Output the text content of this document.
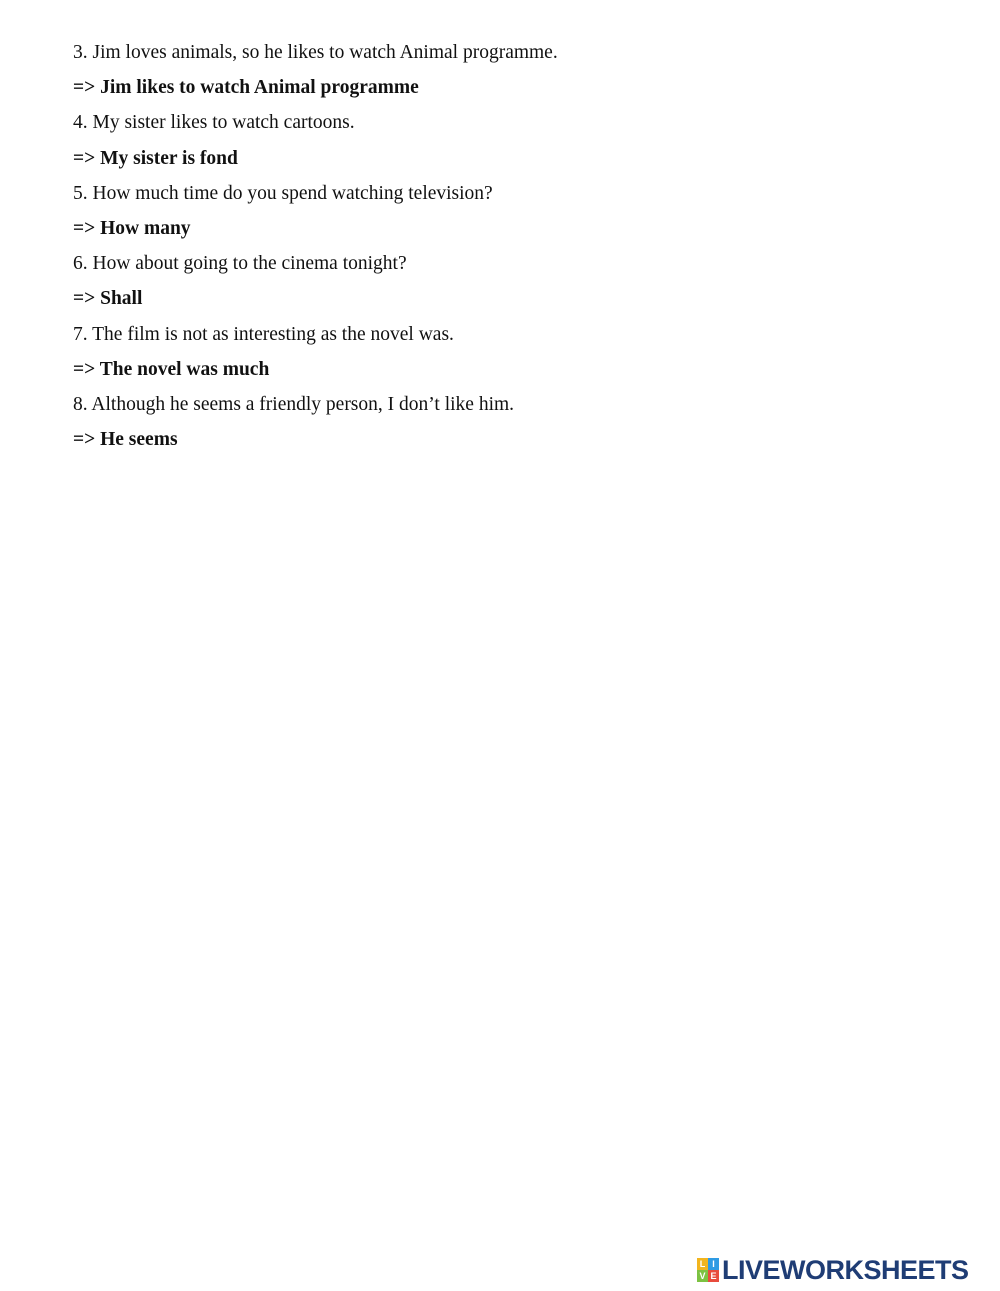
3. Jim loves animals, so he likes to watch Animal programme.
=> Jim likes to watch Animal programme
4. My sister likes to watch cartoons.
=> My sister is fond
5. How much time do you spend watching television?
=> How many
6. How about going to the cinema tonight?
=> Shall
7. The film is not as interesting as the novel was.
=> The novel was much
8. Although he seems a friendly person, I don’t like him.
=> He seems
L I
V E LIVEWORKSHEETS
